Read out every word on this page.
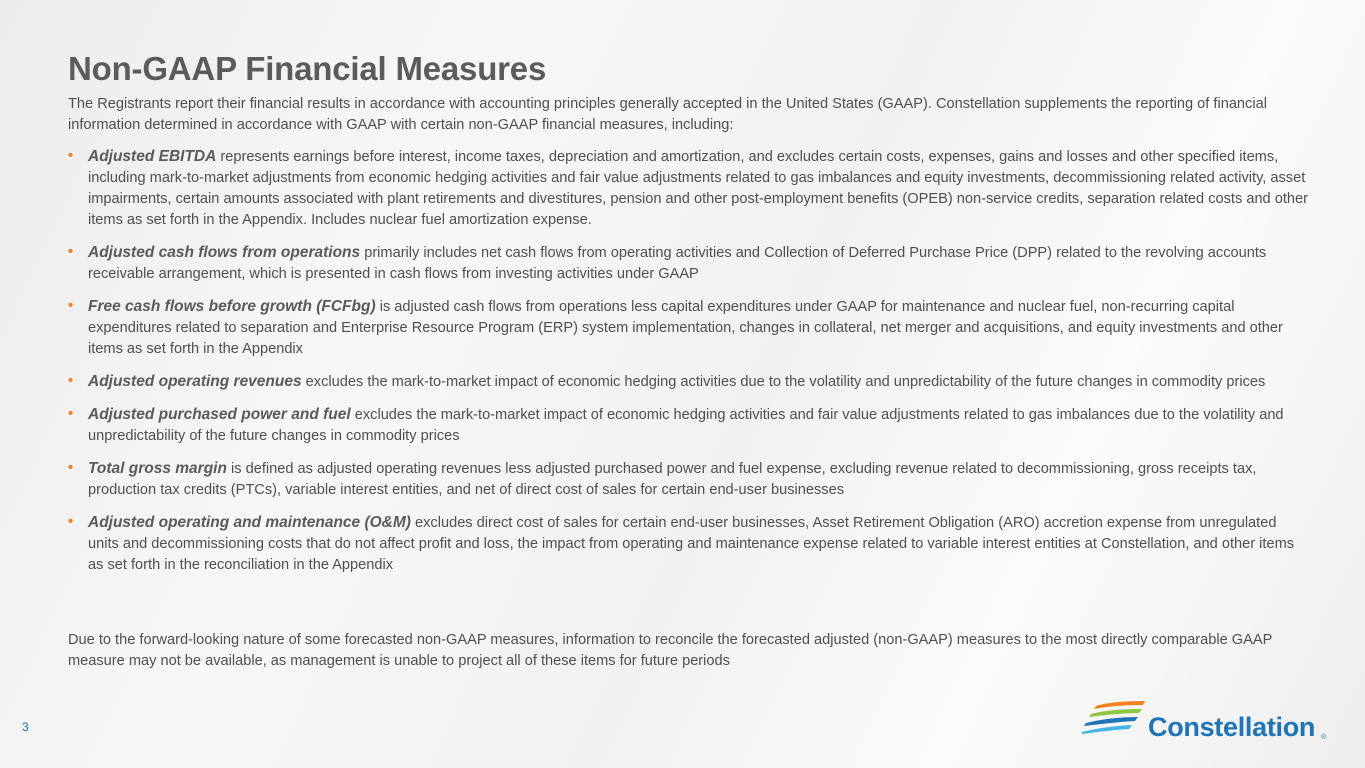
Non-GAAP Financial Measures

The Registrants report their financial results in accordance with accounting principles generally accepted in the United States (GAAP). Constellation supplements the reporting of financial information determined in accordance with GAAP with certain non-GAAP financial measures, including:

• Adjusted EBITDA represents earnings before interest, income taxes, depreciation and amortization, and excludes certain costs, expenses, gains and losses and other specified items, including mark-to-market adjustments from economic hedging activities and fair value adjustments related to gas imbalances and equity investments, decommissioning related activity, asset impairments, certain amounts associated with plant retirements and divestitures, pension and other post-employment benefits (OPEB) non-service credits, separation related costs and other items as set forth in the Appendix. Includes nuclear fuel amortization expense.
• Adjusted cash flows from operations primarily includes net cash flows from operating activities and Collection of Deferred Purchase Price (DPP) related to the revolving accounts receivable arrangement, which is presented in cash flows from investing activities under GAAP
• Free cash flows before growth (FCFbg) is adjusted cash flows from operations less capital expenditures under GAAP for maintenance and nuclear fuel, non-recurring capital expenditures related to separation and Enterprise Resource Program (ERP) system implementation, changes in collateral, net merger and acquisitions, and equity investments and other items as set forth in the Appendix
• Adjusted operating revenues excludes the mark-to-market impact of economic hedging activities due to the volatility and unpredictability of the future changes in commodity prices
• Adjusted purchased power and fuel excludes the mark-to-market impact of economic hedging activities and fair value adjustments related to gas imbalances due to the volatility and unpredictability of the future changes in commodity prices
• Total gross margin is defined as adjusted operating revenues less adjusted purchased power and fuel expense, excluding revenue related to decommissioning, gross receipts tax, production tax credits (PTCs), variable interest entities, and net of direct cost of sales for certain end-user businesses
• Adjusted operating and maintenance (O&M) excludes direct cost of sales for certain end-user businesses, Asset Retirement Obligation (ARO) accretion expense from unregulated units and decommissioning costs that do not affect profit and loss, the impact from operating and maintenance expense related to variable interest entities at Constellation, and other items as set forth in the reconciliation in the Appendix

Due to the forward-looking nature of some forecasted non-GAAP measures, information to reconcile the forecasted adjusted (non-GAAP) measures to the most directly comparable GAAP measure may not be available, as management is unable to project all of these items for future periods

3	Constellation ®
